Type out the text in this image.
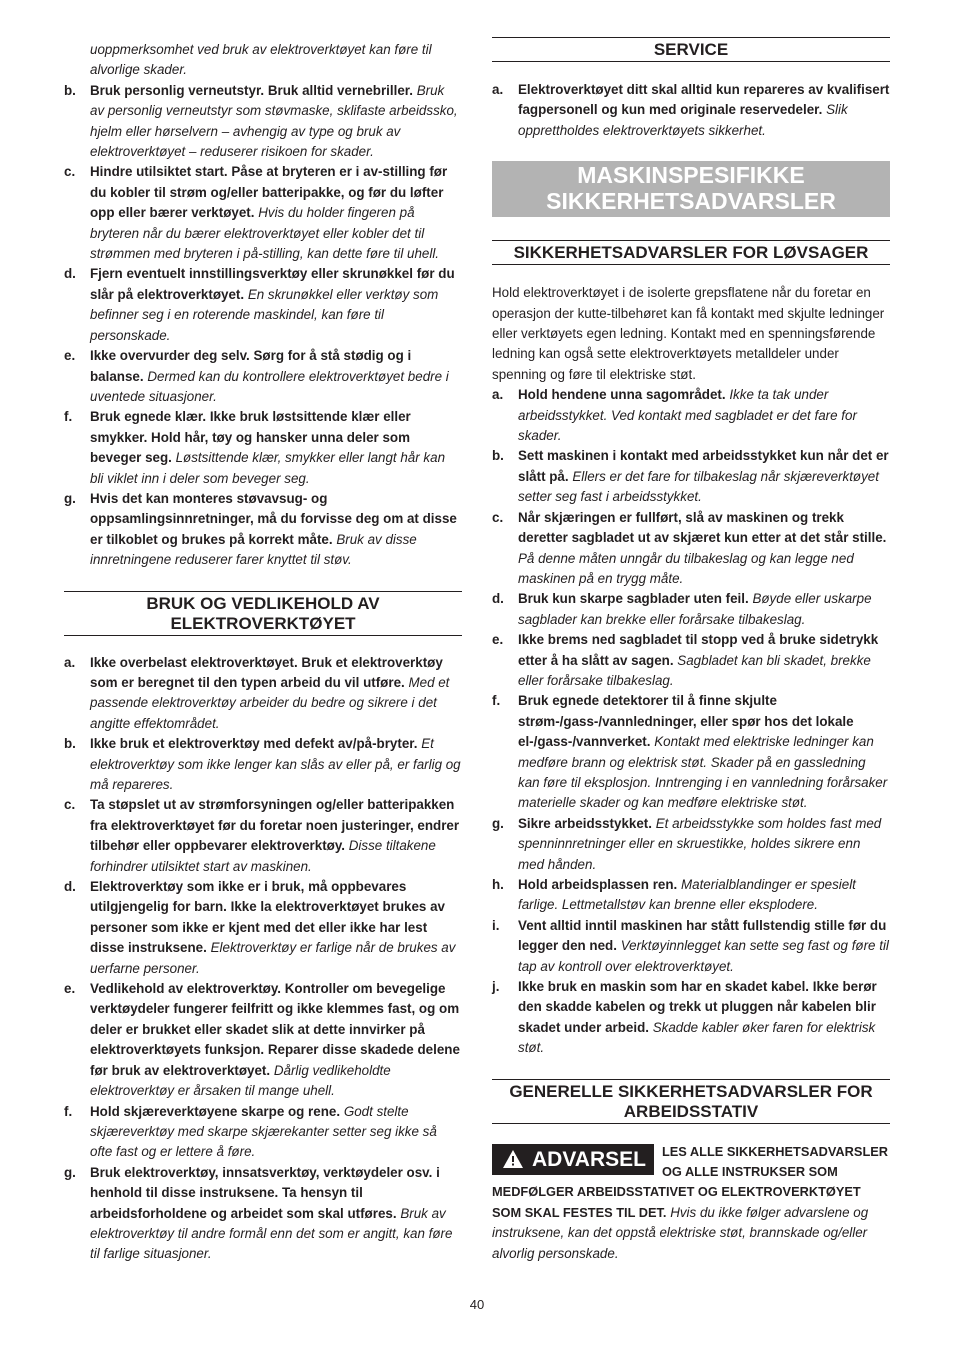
uoppmerksomhet ved bruk av elektroverktøyet kan føre til alvorlige skader.

b.	Bruk personlig verneutstyr. Bruk alltid vernebriller. Bruk av personlig verneutstyr som støvmaske, sklifaste arbeidssko, hjelm eller hørselvern – avhengig av type og bruk av elektroverktøyet – reduserer risikoen for skader.
c.	Hindre utilsiktet start. Påse at bryteren er i av-stilling før du kobler til strøm og/eller batteripakke, og før du løfter opp eller bærer verktøyet. Hvis du holder fingeren på bryteren når du bærer elektroverktøyet eller kobler det til strømmen med bryteren i på-stilling, kan dette føre til uhell.
d.	Fjern eventuelt innstillingsverktøy eller skrunøkkel før du slår på elektroverktøyet. En skrunøkkel eller verktøy som befinner seg i en roterende maskindel, kan føre til personskade.
e.	Ikke overvurder deg selv. Sørg for å stå stødig og i balanse. Dermed kan du kontrollere elektroverktøyet bedre i uventede situasjoner.
f.	Bruk egnede klær. Ikke bruk løstsittende klær eller smykker. Hold hår, tøy og hansker unna deler som beveger seg. Løstsittende klær, smykker eller langt hår kan bli viklet inn i deler som beveger seg.
g.	Hvis det kan monteres støvavsug- og oppsamlingsinnretninger, må du forvisse deg om at disse er tilkoblet og brukes på korrekt måte. Bruk av disse innretningene reduserer farer knyttet til støv.
BRUK OG VEDLIKEHOLD AV
ELEKTROVERKTØYET
a.	Ikke overbelast elektroverktøyet. Bruk et elektroverktøy som er beregnet til den typen arbeid du vil utføre. Med et passende elektroverktøy arbeider du bedre og sikrere i det angitte effektområdet.
b.	Ikke bruk et elektroverktøy med defekt av/på-bryter. Et elektroverktøy som ikke lenger kan slås av eller på, er farlig og må repareres.
c.	Ta støpslet ut av strømforsyningen og/eller batteripakken fra elektroverktøyet før du foretar noen justeringer, endrer tilbehør eller oppbevarer elektroverktøy. Disse tiltakene forhindrer utilsiktet start av maskinen.
d.	Elektroverktøy som ikke er i bruk, må oppbevares utilgjengelig for barn. Ikke la elektroverktøyet brukes av personer som ikke er kjent med det eller ikke har lest disse instruksene. Elektroverktøy er farlige når de brukes av uerfarne personer.
e.	Vedlikehold av elektroverktøy. Kontroller om bevegelige verktøydeler fungerer feilfritt og ikke klemmes fast, og om deler er brukket eller skadet slik at dette innvirker på elektroverktøyets funksjon. Reparer disse skadede delene før bruk av elektroverktøyet. Dårlig vedlikeholdte elektroverktøy er årsaken til mange uhell.
f.	Hold skjæreverktøyene skarpe og rene. Godt stelte skjæreverktøy med skarpe skjærekanter setter seg ikke så ofte fast og er lettere å føre.
g.	Bruk elektroverktøy, innsatsverktøy, verktøydeler osv. i henhold til disse instruksene. Ta hensyn til arbeidsforholdene og arbeidet som skal utføres. Bruk av elektroverktøy til andre formål enn det som er angitt, kan føre til farlige situasjoner.
SERVICE
a.	Elektroverktøyet ditt skal alltid kun repareres av kvalifisert fagpersonell og kun med originale reservedeler. Slik opprettholdes elektroverktøyets sikkerhet.
MASKINSPESIFIKKE
SIKKERHETSADVARSLER
SIKKERHETSADVARSLER FOR LØVSAGER

Hold elektroverktøyet i de isolerte grepsflatene når du foretar en operasjon der kutte-tilbehøret kan få kontakt med skjulte ledninger eller verktøyets egen ledning. Kontakt med en spenningsførende ledning kan også sette elektroverktøyets metalldeler under spenning og føre til elektriske støt.

a.	Hold hendene unna sagområdet. Ikke ta tak under arbeidsstykket. Ved kontakt med sagbladet er det fare for skader.
b.	Sett maskinen i kontakt med arbeidsstykket kun når det er slått på. Ellers er det fare for tilbakeslag når skjæreverktøyet setter seg fast i arbeidsstykket.
c.	Når skjæringen er fullført, slå av maskinen og trekk deretter sagbladet ut av skjæret kun etter at det står stille. På denne måten unngår du tilbakeslag og kan legge ned maskinen på en trygg måte.
d.	Bruk kun skarpe sagblader uten feil. Bøyde eller uskarpe sagblader kan brekke eller forårsake tilbakeslag.
e.	Ikke brems ned sagbladet til stopp ved å bruke sidetrykk etter å ha slått av sagen. Sagbladet kan bli skadet, brekke eller forårsake tilbakeslag.
f.	Bruk egnede detektorer til å finne skjulte strøm-/gass-/vannledninger, eller spør hos det lokale el-/gass-/vannverket. Kontakt med elektriske ledninger kan medføre brann og elektrisk støt. Skader på en gassledning kan føre til eksplosjon. Inntrenging i en vannledning forårsaker materielle skader og kan medføre elektriske støt.
g.	Sikre arbeidsstykket. Et arbeidsstykke som holdes fast med spenninnretninger eller en skruestikke, holdes sikrere enn med hånden.
h.	Hold arbeidsplassen ren. Materialblandinger er spesielt farlige. Lettmetallstøv kan brenne eller eksplodere.
i.	Vent alltid inntil maskinen har stått fullstendig stille før du legger den ned. Verktøyinnlegget kan sette seg fast og føre til tap av kontroll over elektroverktøyet.
j.	Ikke bruk en maskin som har en skadet kabel. Ikke berør den skadde kabelen og trekk ut pluggen når kabelen blir skadet under arbeid. Skadde kabler øker faren for elektrisk støt.
GENERELLE SIKKERHETSADVARSLER FOR
ARBEIDSSTATIV
ADVARSEL LES ALLE SIKKERHETSADVARSLER OG ALLE INSTRUKSER SOM MEDFØLGER ARBEIDSSTATIVET OG ELEKTROVERKTØYET SOM SKAL FESTES TIL DET. Hvis du ikke følger advarslene og instruksene, kan det oppstå elektriske støt, brannskade og/eller alvorlig personskade.
40
